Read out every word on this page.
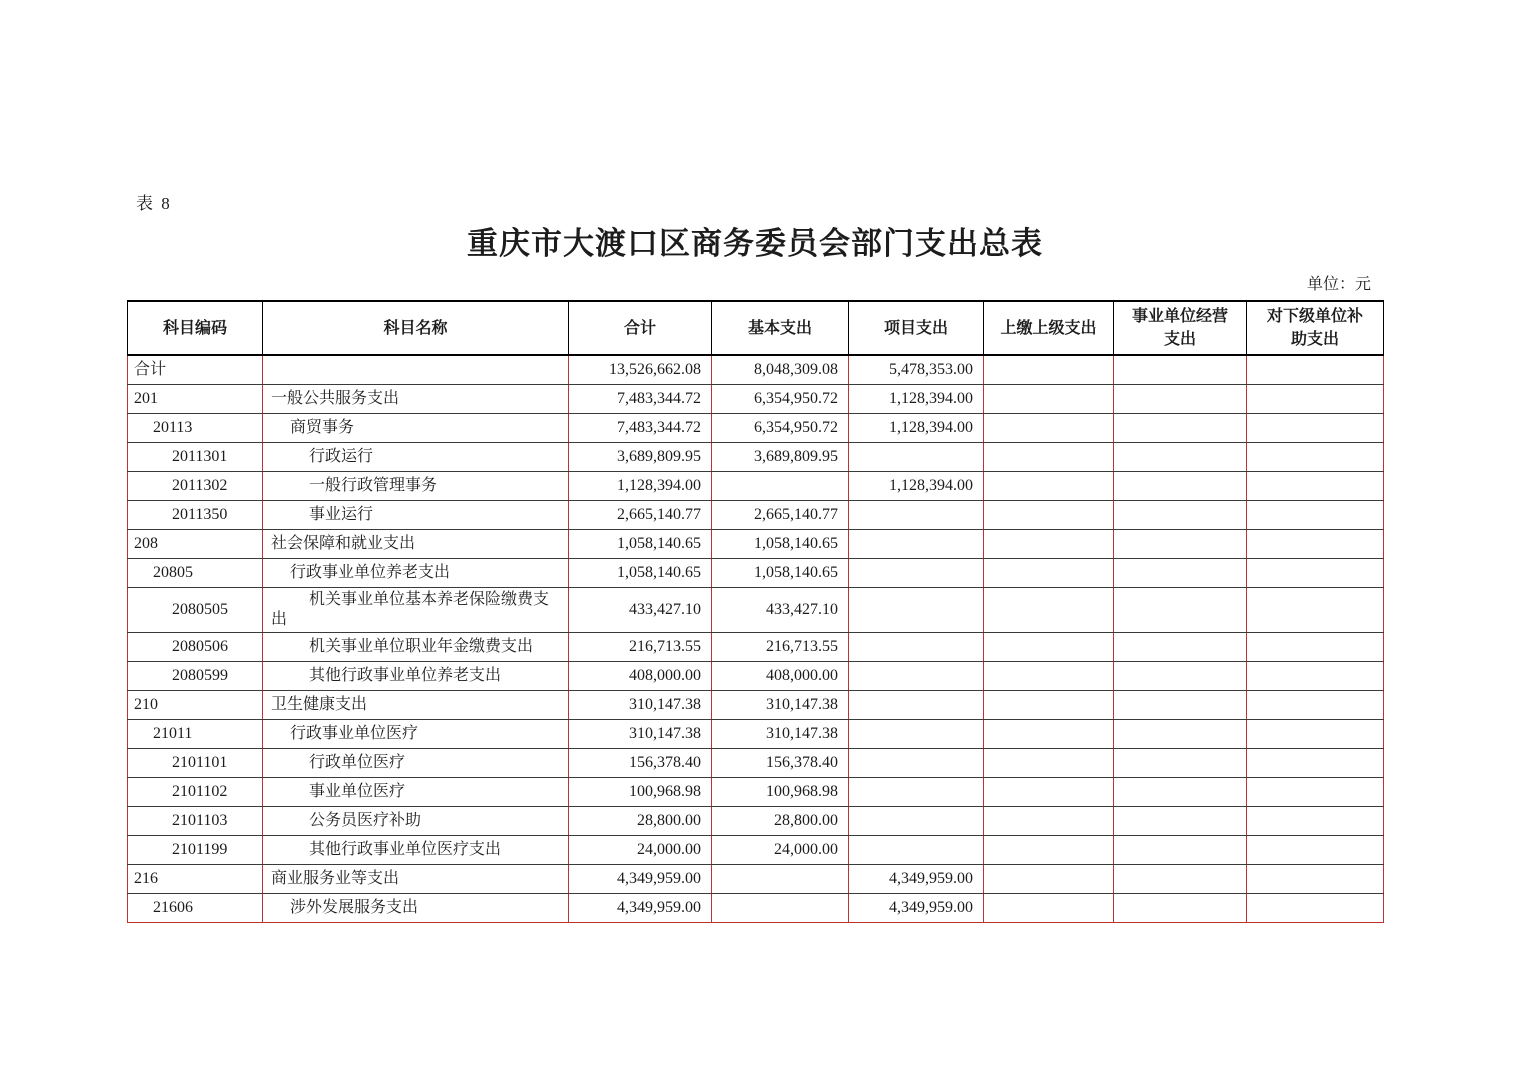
表 8
重庆市大渡口区商务委员会部门支出总表
单位：元
科目编码	科目名称	合计	基本支出	项目支出	上缴上级支出	事业单位经营支出	对下级单位补助支出
合计		13,526,662.08	8,048,309.08	5,478,353.00			
201	一般公共服务支出	7,483,344.72	6,354,950.72	1,128,394.00			
20113	商贸事务	7,483,344.72	6,354,950.72	1,128,394.00			
2011301	行政运行	3,689,809.95	3,689,809.95				
2011302	一般行政管理事务	1,128,394.00		1,128,394.00			
2011350	事业运行	2,665,140.77	2,665,140.77				
208	社会保障和就业支出	1,058,140.65	1,058,140.65				
20805	行政事业单位养老支出	1,058,140.65	1,058,140.65				
2080505	机关事业单位基本养老保险缴费支出	433,427.10	433,427.10				
2080506	机关事业单位职业年金缴费支出	216,713.55	216,713.55				
2080599	其他行政事业单位养老支出	408,000.00	408,000.00				
210	卫生健康支出	310,147.38	310,147.38				
21011	行政事业单位医疗	310,147.38	310,147.38				
2101101	行政单位医疗	156,378.40	156,378.40				
2101102	事业单位医疗	100,968.98	100,968.98				
2101103	公务员医疗补助	28,800.00	28,800.00				
2101199	其他行政事业单位医疗支出	24,000.00	24,000.00				
216	商业服务业等支出	4,349,959.00		4,349,959.00			
21606	涉外发展服务支出	4,349,959.00		4,349,959.00			
